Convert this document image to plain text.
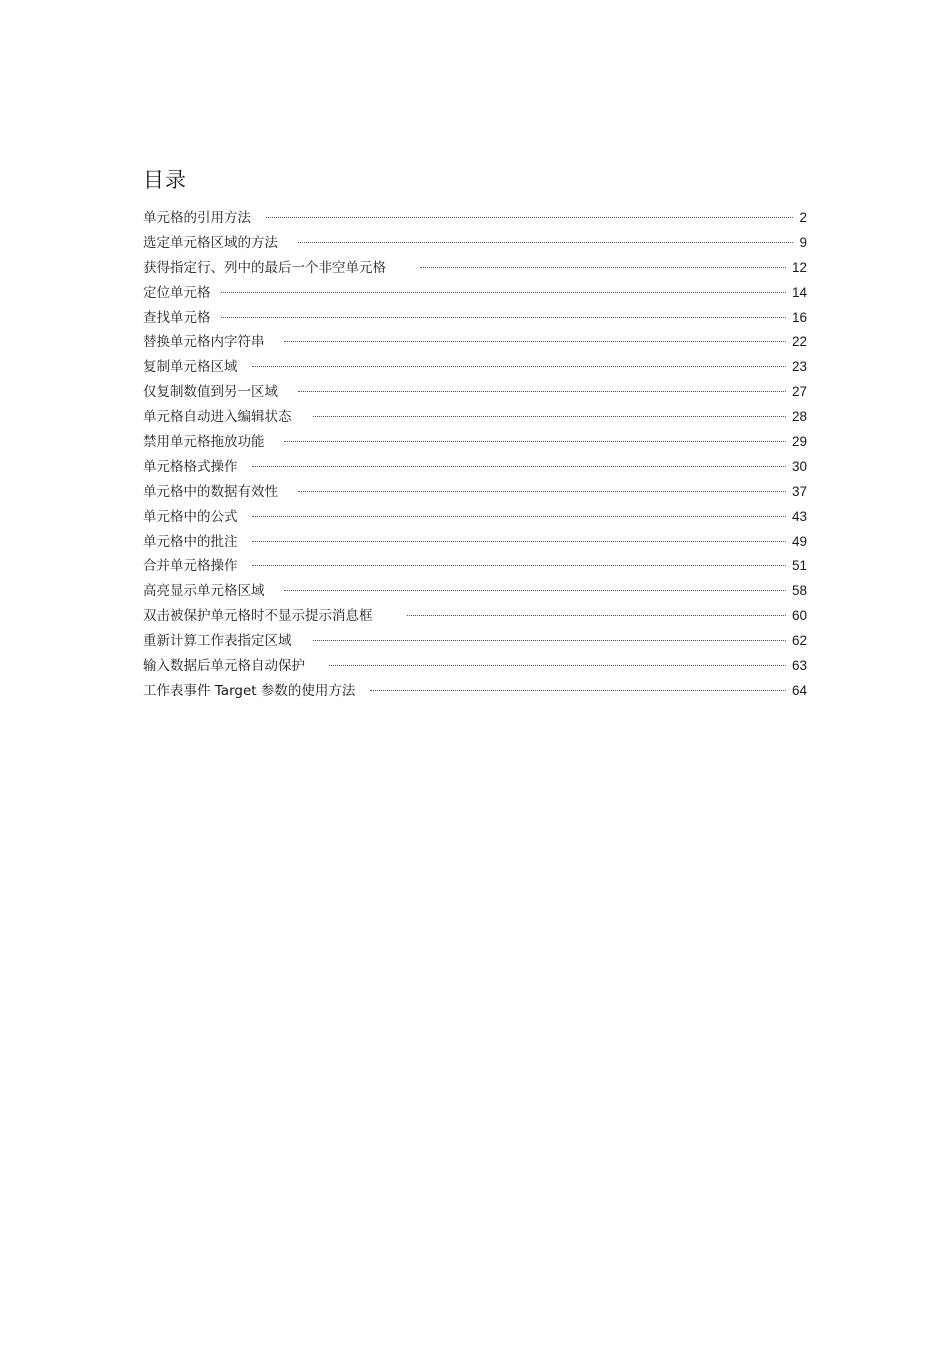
目录
单元格的引用方法	2
选定单元格区域的方法	9
获得指定行、列中的最后一个非空单元格	12
定位单元格	14
查找单元格	16
替换单元格内字符串	22
复制单元格区域	23
仅复制数值到另一区域	27
单元格自动进入编辑状态	28
禁用单元格拖放功能	29
单元格格式操作	30
单元格中的数据有效性	37
单元格中的公式	43
单元格中的批注	49
合并单元格操作	51
高亮显示单元格区域	58
双击被保护单元格时不显示提示消息框	60
重新计算工作表指定区域	62
输入数据后单元格自动保护	63
工作表事件 Target 参数的使用方法	64
